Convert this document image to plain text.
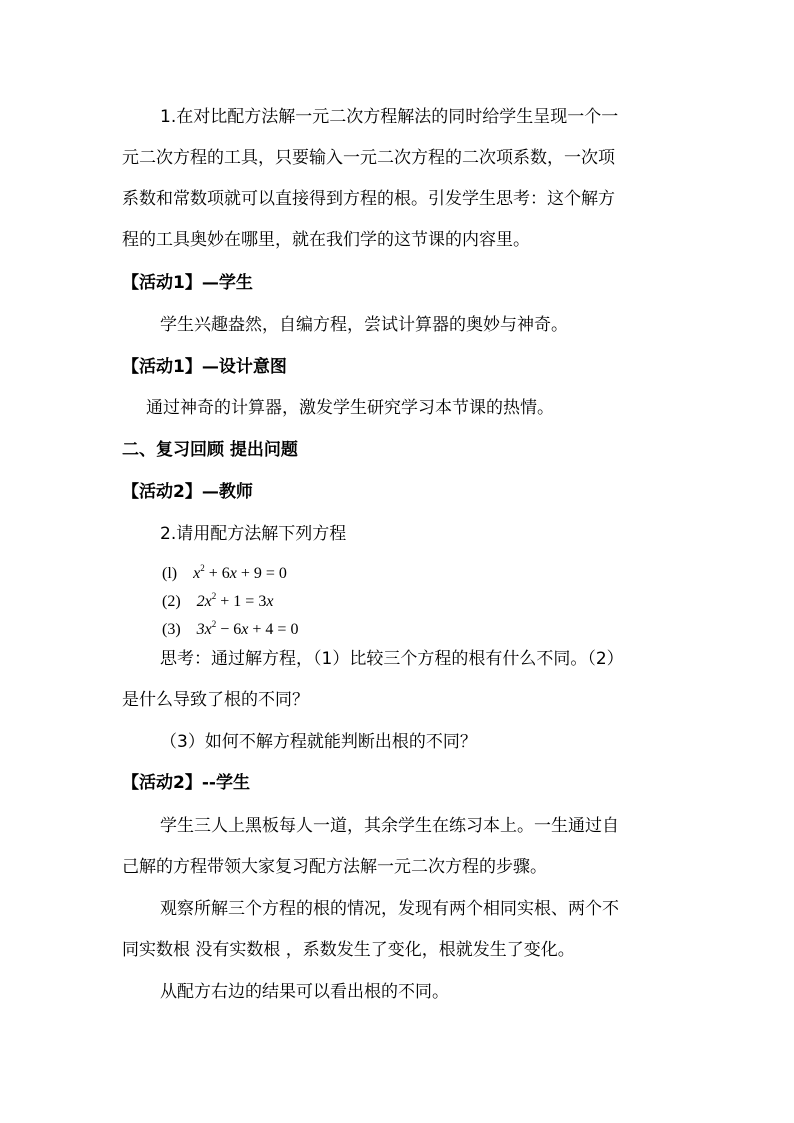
1.在对比配方法解一元二次方程解法的同时给学生呈现一个一
元二次方程的工具，只要输入一元二次方程的二次项系数，一次项
系数和常数项就可以直接得到方程的根。引发学生思考：这个解方
程的工具奥妙在哪里，就在我们学的这节课的内容里。
【活动1】—学生
学生兴趣盎然，自编方程，尝试计算器的奥妙与神奇。
【活动1】—设计意图
通过神奇的计算器，激发学生研究学习本节课的热情。
二、复习回顾 提出问题
【活动2】—教师
2.请用配方法解下列方程
(l) $x^2 + 6x + 9 = 0$
(2) $2x^2 + 1 = 3x$
(3) $3x^2 - 6x + 4 = 0$
思考：通过解方程，（1）比较三个方程的根有什么不同。（2）
是什么导致了根的不同？
（3）如何不解方程就能判断出根的不同？
【活动2】--学生
学生三人上黑板每人一道，其余学生在练习本上。一生通过自
己解的方程带领大家复习配方法解一元二次方程的步骤。
观察所解三个方程的根的情况，发现有两个相同实根、两个不
同实数根 没有实数根 ，系数发生了变化，根就发生了变化。
从配方右边的结果可以看出根的不同。
